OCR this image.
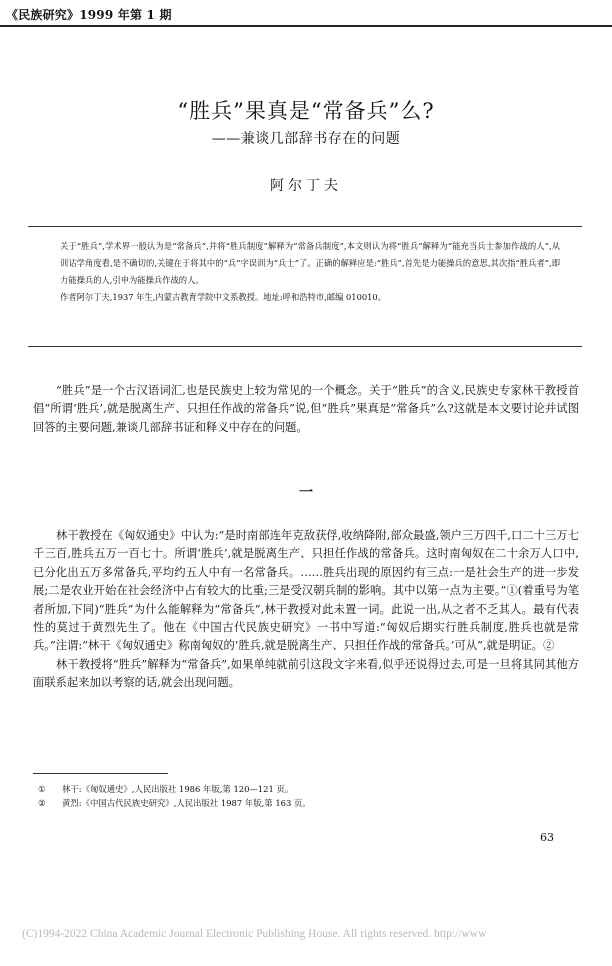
《民族研究》1999 年第 1 期
“胜兵”果真是“常备兵”么?
——兼谈几部辞书存在的问题
阿尔丁夫

关于“胜兵”,学术界一般认为是“常备兵”,并将“胜兵制度”解释为“常备兵制度”,本文则认为将“胜兵”解释为“能充当兵士参加作战的人”,从训诂学角度看,是不确切的,关键在于将其中的“兵”字误训为“兵士”了。正确的解释应是:“胜兵”,首先是力能操兵的意思,其次指“胜兵者”,即力能操兵的人,引申为能操兵作战的人。

作者阿尔丁夫,1937 年生,内蒙古教育学院中文系教授。地址:呼和浩特市,邮编 010010。

“胜兵”是一个古汉语词汇,也是民族史上较为常见的一个概念。关于“胜兵”的含义,民族史专家林干教授首倡“所谓‘胜兵’,就是脱离生产、只担任作战的常备兵”说,但“胜兵”果真是“常备兵”么?这就是本文要讨论并试图回答的主要问题,兼谈几部辞书证和释义中存在的问题。

一

林干教授在《匈奴通史》中认为:“是时南部连年克敌获俘,收纳降附,部众最盛,领户三万四千,口二十三万七千三百,胜兵五万一百七十。所谓‘胜兵’,就是脱离生产、只担任作战的常备兵。这时南匈奴在二十余万人口中,已分化出五万多常备兵,平均约五人中有一名常备兵。……胜兵出现的原因约有三点:一是社会生产的进一步发展;二是农业开始在社会经济中占有较大的比重;三是受汉朝兵制的影响。其中以第一点为主要。”①(着重号为笔者所加,下同)“胜兵”为什么能解释为“常备兵”,林干教授对此未置一词。此说一出,从之者不乏其人。最有代表性的莫过于黄烈先生了。他在《中国古代民族史研究》一书中写道:“匈奴后期实行胜兵制度,胜兵也就是常兵。”注谓:“林干《匈奴通史》称南匈奴的‘胜兵,就是脱离生产、只担任作战的常备兵。’可从”,就是明证。②

林干教授将“胜兵”解释为“常备兵”,如果单纯就前引这段文字来看,似乎还说得过去,可是一旦将其同其他方面联系起来加以考察的话,就会出现问题。

①	林干:《匈奴通史》,人民出版社 1986 年版,第 120—121 页。
②	黄烈:《中国古代民族史研究》,人民出版社 1987 年版,第 163 页。
63
(C)1994-2022 China Academic Journal Electronic Publishing House. All rights reserved. http://www
